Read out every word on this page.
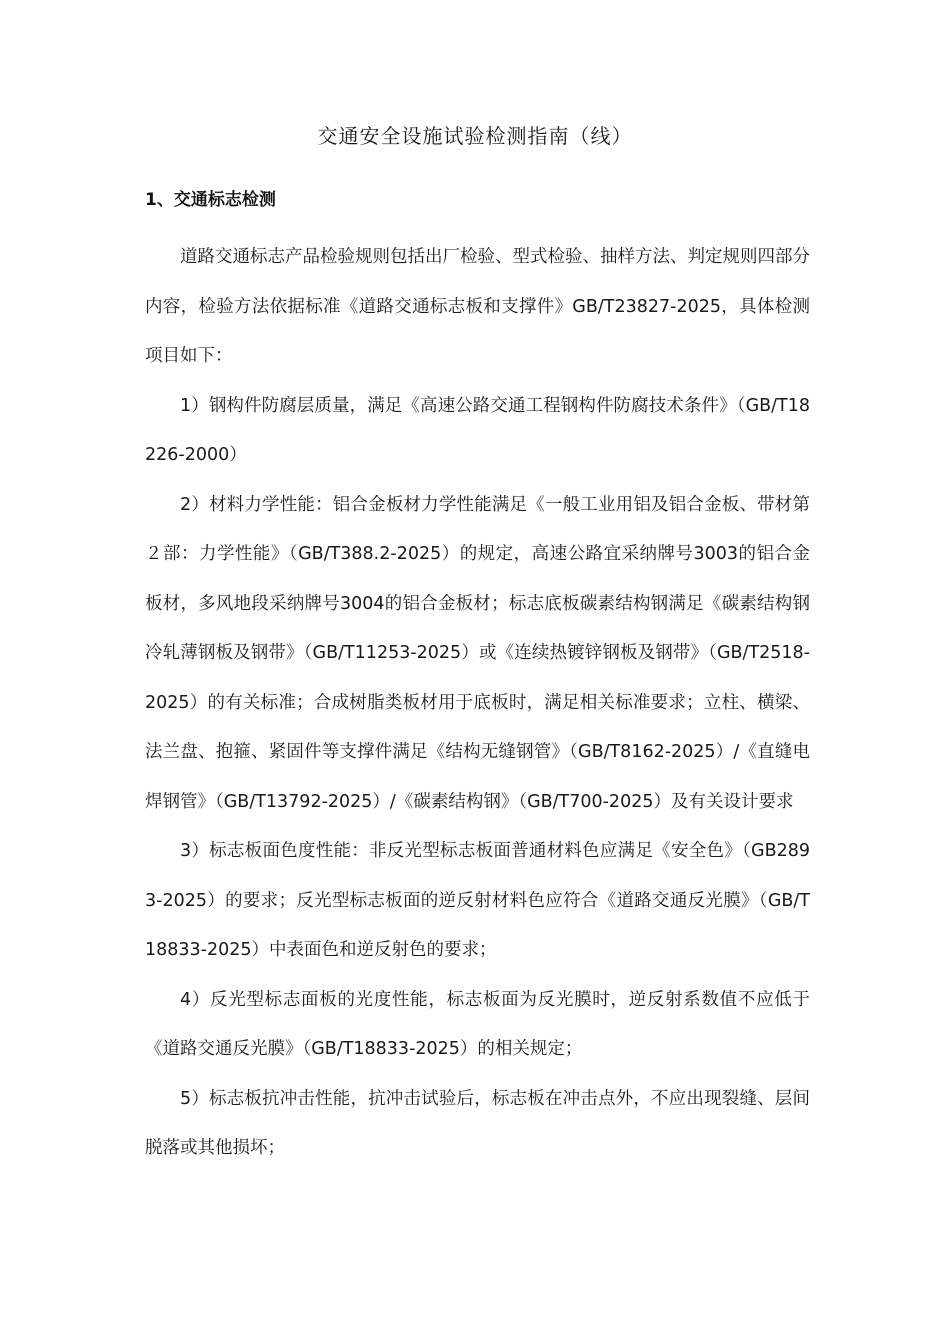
交通安全设施试验检测指南（线）
1、交通标志检测

道路交通标志产品检验规则包括出厂检验、型式检验、抽样方法、判定规则四部分内容，检验方法依据标准《道路交通标志板和支撑件》GB/T23827-2025，具体检测项目如下：

1）钢构件防腐层质量，满足《高速公路交通工程钢构件防腐技术条件》（GB/T18226-2000）

2）材料力学性能：铝合金板材力学性能满足《一般工业用铝及铝合金板、带材第２部：力学性能》（GB/T388.2-2025）的规定，高速公路宜采纳牌号3003的铝合金板材，多风地段采纳牌号3004的铝合金板材；标志底板碳素结构钢满足《碳素结构钢冷轧薄钢板及钢带》（GB/T11253-2025）或《连续热镀锌钢板及钢带》（GB/T2518-2025）的有关标准；合成树脂类板材用于底板时，满足相关标准要求；立柱、横梁、法兰盘、抱箍、紧固件等支撑件满足《结构无缝钢管》（GB/T8162-2025）/《直缝电焊钢管》（GB/T13792-2025）/《碳素结构钢》（GB/T700-2025）及有关设计要求

3）标志板面色度性能：非反光型标志板面普通材料色应满足《安全色》（GB2893-2025）的要求；反光型标志板面的逆反射材料色应符合《道路交通反光膜》（GB/T18833-2025）中表面色和逆反射色的要求；

4）反光型标志面板的光度性能，标志板面为反光膜时，逆反射系数值不应低于《道路交通反光膜》（GB/T18833-2025）的相关规定；

5）标志板抗冲击性能，抗冲击试验后，标志板在冲击点外，不应出现裂缝、层间脱落或其他损坏；
